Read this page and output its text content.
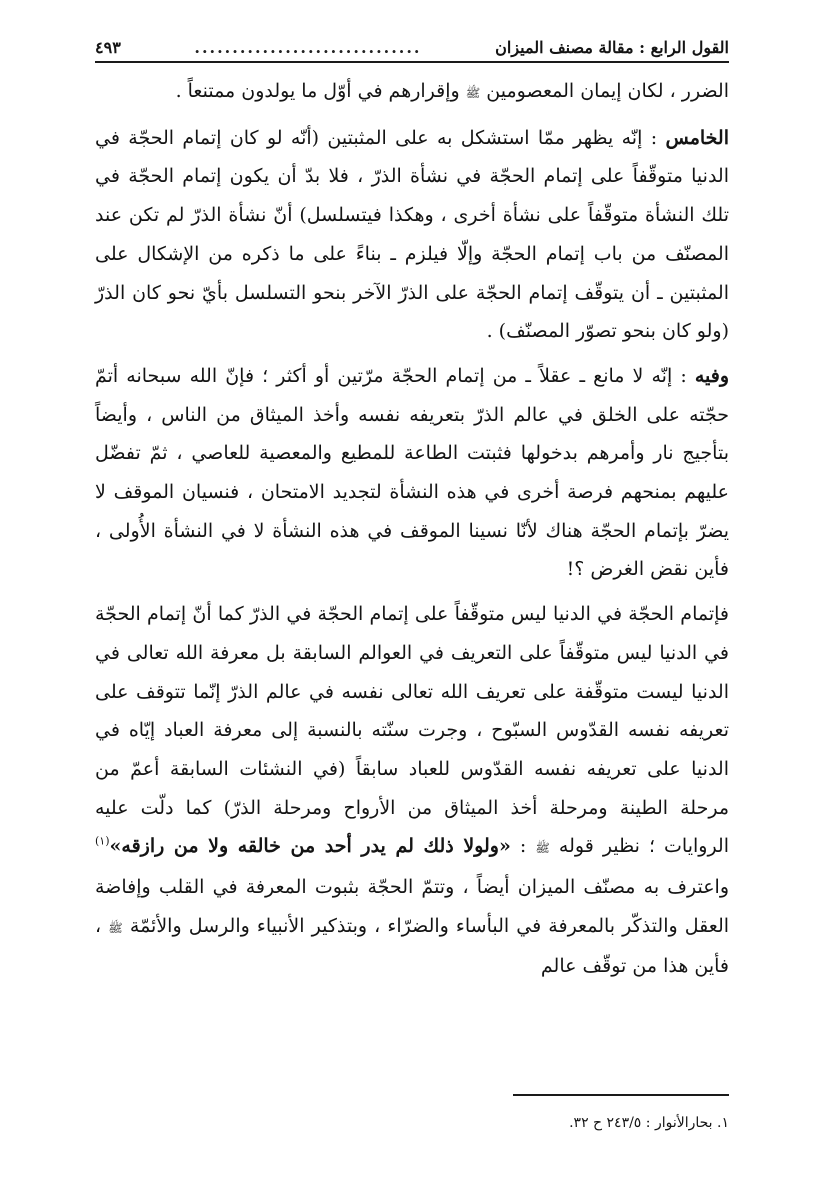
القول الرابع : مقالة مصنف الميزان
..............................
٤٩٣

الضرر ، لكان إيمان المعصومين ﷺ وإقرارهم في أوّل ما يولدون ممتنعاً .

الخامس : إنّه يظهر ممّا استشكل به على المثبتين (أنّه لو كان إتمام الحجّة في الدنيا متوقّفاً على إتمام الحجّة في نشأة الذرّ ، فلا بدّ أن يكون إتمام الحجّة في تلك النشأة متوقّفاً على نشأة أخرى ، وهكذا فيتسلسل) أنّ نشأة الذرّ لم تكن عند المصنّف من باب إتمام الحجّة وإلّا فيلزم ـ بناءً على ما ذكره من الإشكال على المثبتين ـ أن يتوقّف إتمام الحجّة على الذرّ الآخر بنحو التسلسل بأيّ نحو كان الذرّ (ولو كان بنحو تصوّر المصنّف) .

وفيه : إنّه لا مانع ـ عقلاً ـ من إتمام الحجّة مرّتين أو أكثر ؛ فإنّ الله سبحانه أتمّ حجّته على الخلق في عالم الذرّ بتعريفه نفسه وأخذ الميثاق من الناس ، وأيضاً بتأجيج نار وأمرهم بدخولها فثبتت الطاعة للمطيع والمعصية للعاصي ، ثمّ تفضّل عليهم بمنحهم فرصة أخرى في هذه النشأة لتجديد الامتحان ، فنسيان الموقف لا يضرّ بإتمام الحجّة هناك لأنّا نسينا الموقف في هذه النشأة لا في النشأة الأُولى ، فأين نقض الغرض ؟!

فإتمام الحجّة في الدنيا ليس متوقّفاً على إتمام الحجّة في الذرّ كما أنّ إتمام الحجّة في الدنيا ليس متوقّفاً على التعريف في العوالم السابقة بل معرفة الله تعالى في الدنيا ليست متوقّفة على تعريف الله تعالى نفسه في عالم الذرّ إنّما تتوقف على تعريفه نفسه القدّوس السبّوح ، وجرت سنّته بالنسبة إلى معرفة العباد إيّاه في الدنيا على تعريفه نفسه القدّوس للعباد سابقاً (في النشئات السابقة أعمّ من مرحلة الطينة ومرحلة أخذ الميثاق من الأرواح ومرحلة الذرّ) كما دلّت عليه الروايات ؛ نظير قوله ﷺ : «ولولا ذلك لم يدر أحد من خالقه ولا من رازقه»$^{(١)}$ واعترف به مصنّف الميزان أيضاً ، وتتمّ الحجّة بثبوت المعرفة في القلب وإفاضة العقل والتذكّر بالمعرفة في البأساء والضرّاء ، وبتذكير الأنبياء والرسل والأئمّة ﷺ ، فأين هذا من توقّف عالم

١. بحارالأنوار : ٢٤٣/٥ ح ٣٢.
